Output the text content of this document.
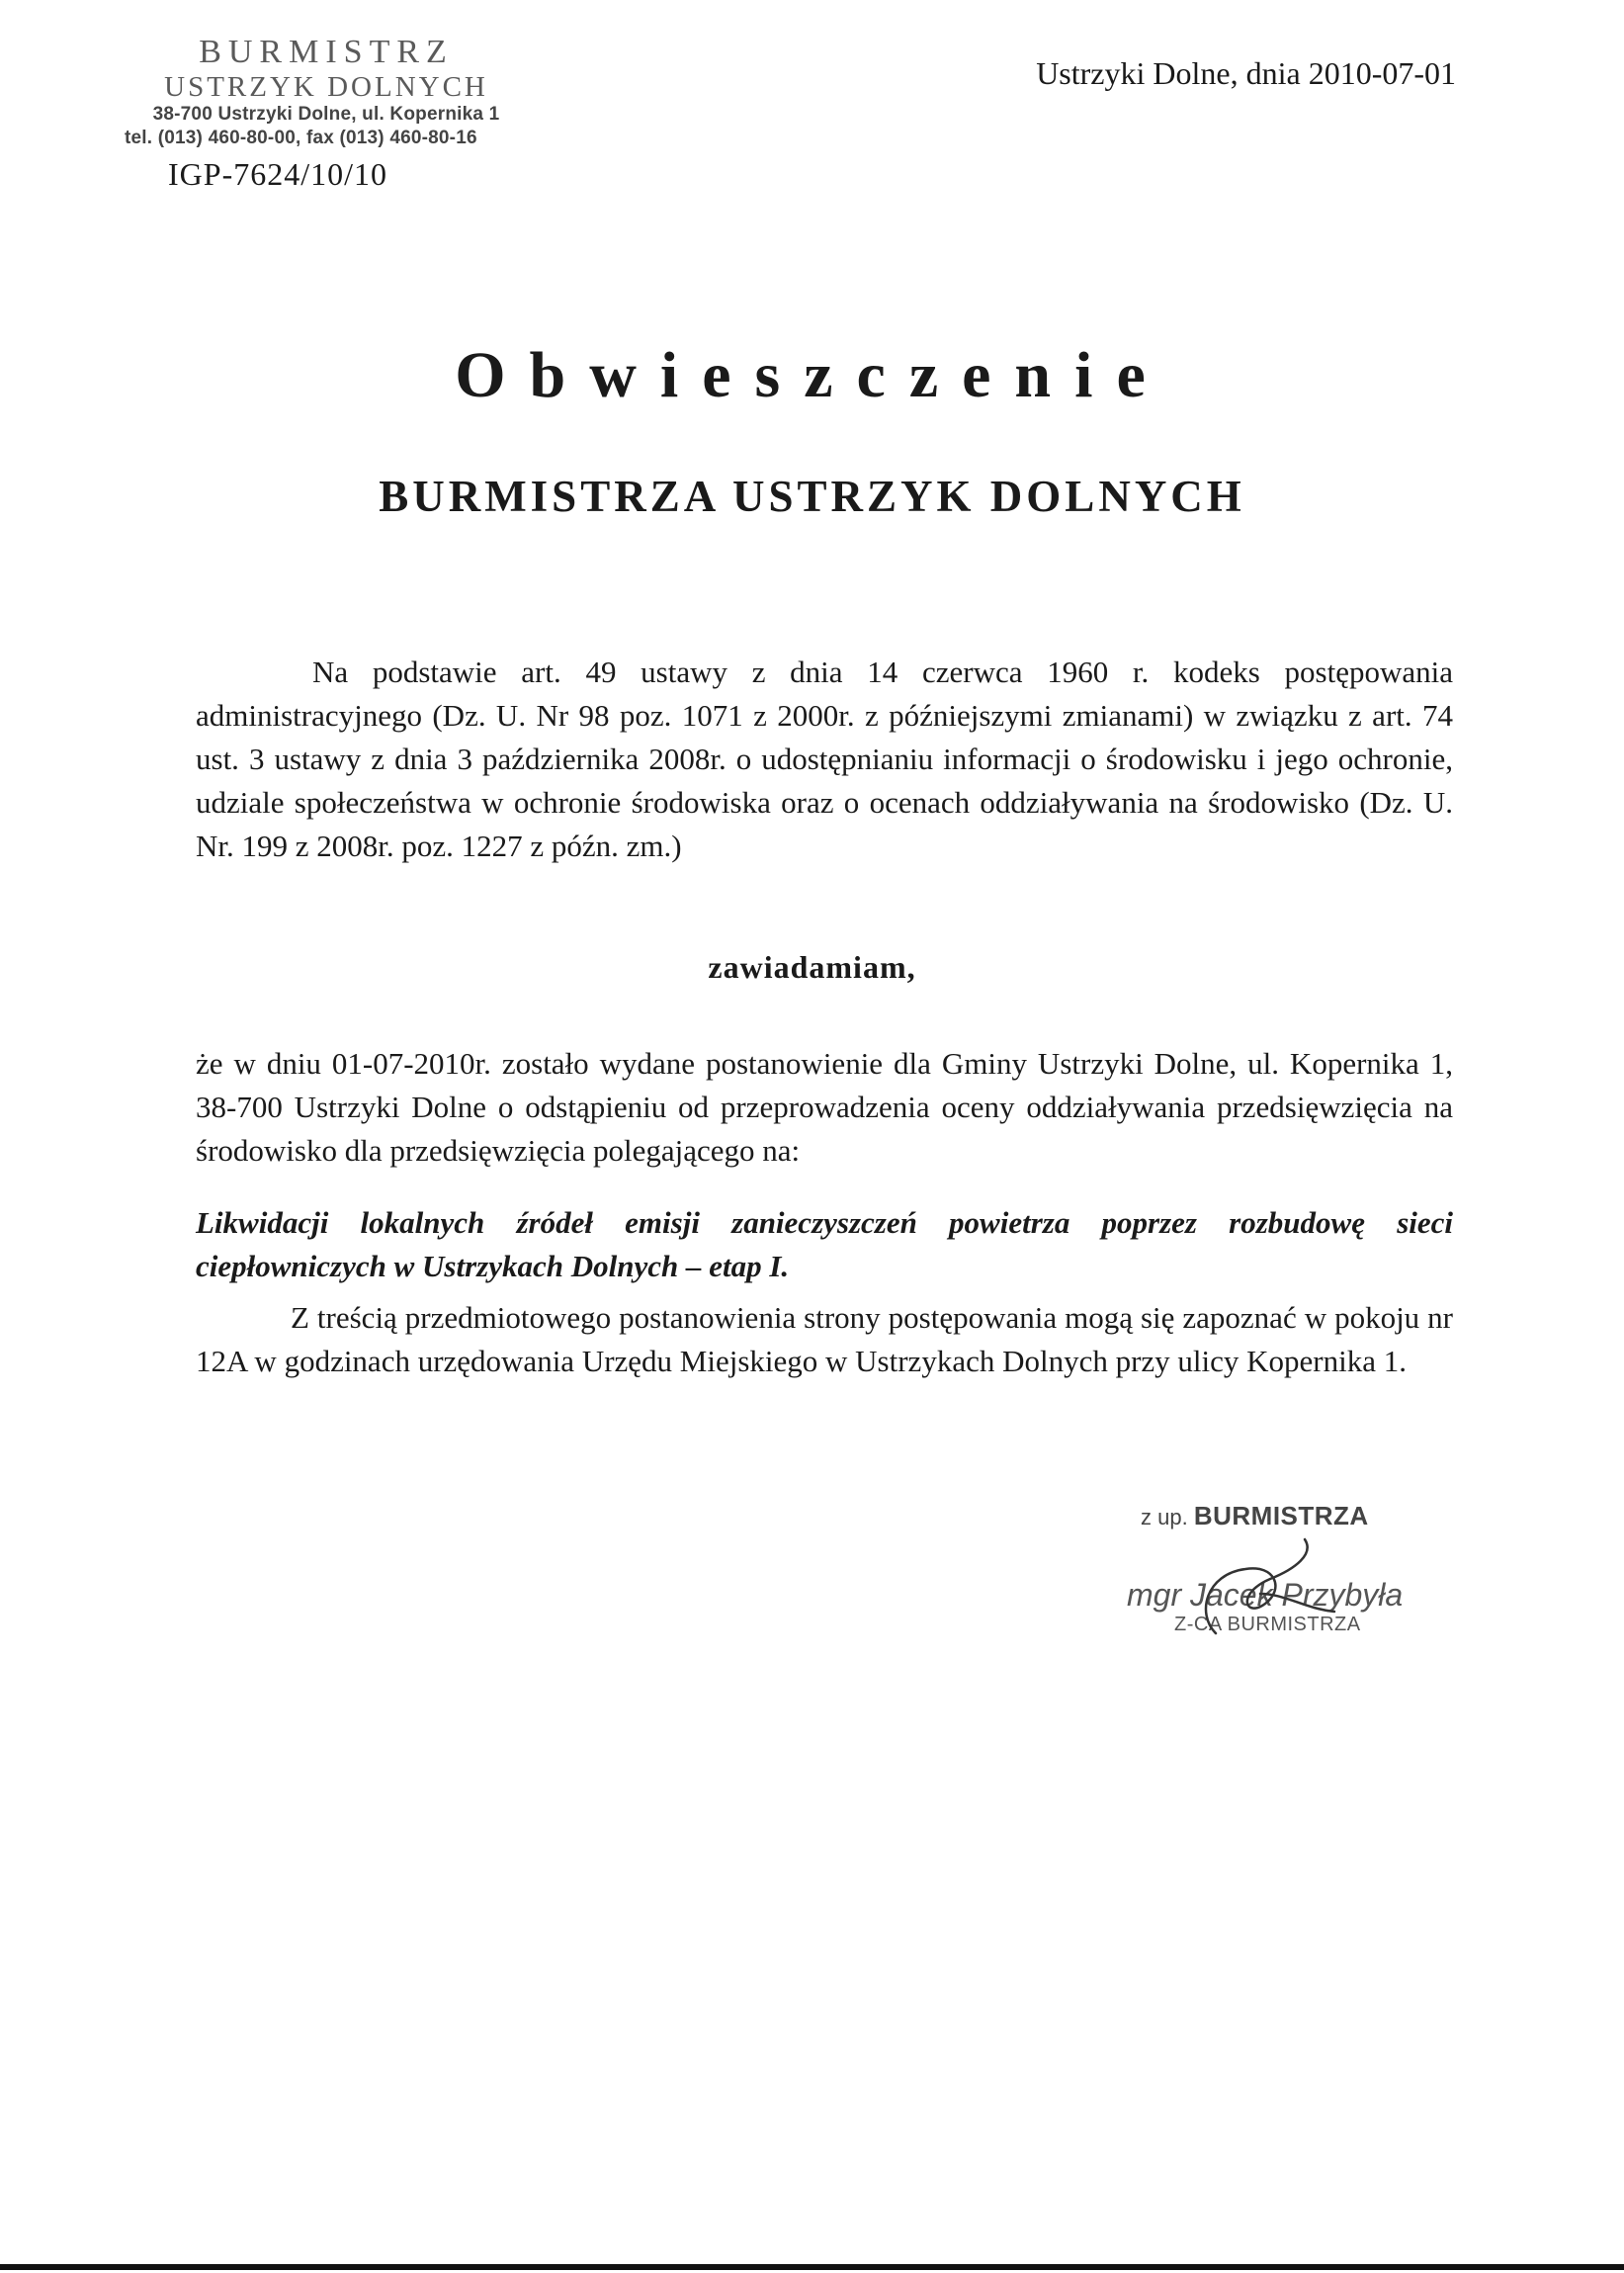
BURMISTRZ
USTRZYK DOLNYCH
38-700 Ustrzyki Dolne, ul. Kopernika 1
tel. (013) 460-80-00, fax (013) 460-80-16
IGP-7624/10/10
Ustrzyki Dolne, dnia 2010-07-01
Obwieszczenie
BURMISTRZA USTRZYK DOLNYCH
Na podstawie art. 49 ustawy z dnia 14 czerwca 1960 r. kodeks postępowania administracyjnego (Dz. U. Nr 98 poz. 1071 z 2000r. z późniejszymi zmianami) w związku z art. 74 ust. 3 ustawy z dnia 3 października 2008r. o udostępnianiu informacji o środowisku i jego ochronie, udziale społeczeństwa w ochronie środowiska oraz o ocenach oddziaływania na środowisko (Dz. U. Nr. 199 z 2008r. poz. 1227 z późn. zm.)
zawiadamiam,
że w dniu 01-07-2010r. zostało wydane postanowienie dla Gminy Ustrzyki Dolne, ul. Kopernika 1, 38-700 Ustrzyki Dolne o odstąpieniu od przeprowadzenia oceny oddziaływania przedsięwzięcia na środowisko dla przedsięwzięcia polegającego na:
Likwidacji lokalnych źródeł emisji zanieczyszczeń powietrza poprzez rozbudowę sieci ciepłowniczych w Ustrzykach Dolnych – etap I.
Z treścią przedmiotowego postanowienia strony postępowania mogą się zapoznać w pokoju nr 12A w godzinach urzędowania Urzędu Miejskiego w Ustrzykach Dolnych przy ulicy Kopernika 1.
z up. BURMISTRZA
mgr Jacek Przybyła
Z-CA BURMISTRZA
